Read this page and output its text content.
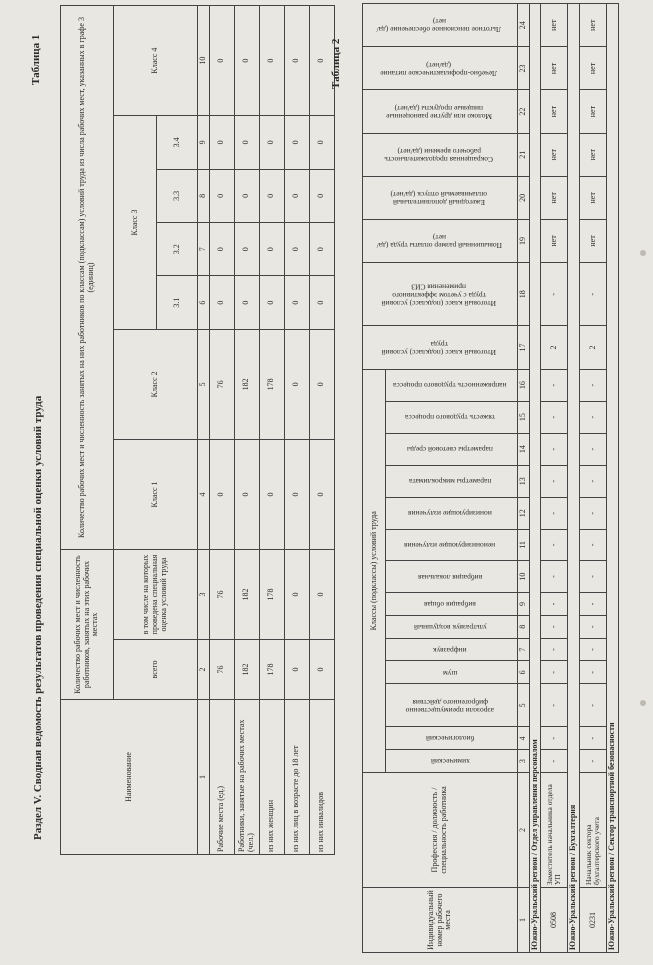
Раздел V. Сводная ведомость результатов проведения специальной оценки условий труда
Таблица 1
Наименование	Количество рабочих мест и численность работников, занятых на этих рабочих местах		Количество рабочих мест и численность занятых на них работников по классам (подклассам) условий труда из числа рабочих мест, указанных в графе 3 (единиц)						
	всего	в том числе на которых проведена специальная оценка условий труда	Класс 1	Класс 2	Класс 3				Класс 4
					3.1	3.2	3.3	3.4	
1	2	3	4	5	6	7	8	9	10
Рабочие места (ед.)	76	76	0	76	0	0	0	0	0
Работники, занятые на рабочих местах (чел.)	182	182	0	182	0	0	0	0	0
из них женщин	178	178	0	178	0	0	0	0	0
из них лиц в возрасте до 18 лет	0	0	0	0	0	0	0	0	0
из них инвалидов	0	0	0	0	0	0	0	0	0 Таблица 2
Индивидуальный номер рабочего места	Профессия / должность / специальность работника	Классы (подклассы) условий труда														Итоговый класс (подкласс) условий труда	Итоговый класс (подкласс) условий труда с учетом эффективного применения СИЗ	Повышенный размер оплаты труда (да/нет)	Ежегодный дополнительный оплачиваемый отпуск (да/нет)	Сокращенная продолжительность рабочего времени (да/нет)	Молоко или другие равноценные пищевые продукты (да/нет)	Лечебно-профилактическое питание (да/нет)	Льготное пенсионное обеспечение (да/нет)
		химический	биологический	аэрозоли преимущественно фиброгенного действия	шум	инфразвук	ультразвук воздушный	вибрация общая	вибрация локальная	неионизирующие излучения	ионизирующие излучения	параметры микроклимата	параметры световой среды	тяжесть трудового процесса	напряженность трудового процесса								
1	2	3	4	5	6	7	8	9	10	11	12	13	14	15	16	17	18	19	20	21	22	23	24
Южно-Уральский регион / Отдел управления персоналом																							
0508	Заместитель начальника отдела УП	-	-	-	-	-	-	-	-	-	-	-	-	-	-	2	-	нет	нет	нет	нет	нет	нет
Южно-Уральский регион / Бухгалтерия																							
0231	Начальник сектора бухгалтерского учета	-	-	-	-	-	-	-	-	-	-	-	-	-	-	2	-	нет	нет	нет	нет	нет	нет
Южно-Уральский регион / Сектор транспортной безопасности																							
